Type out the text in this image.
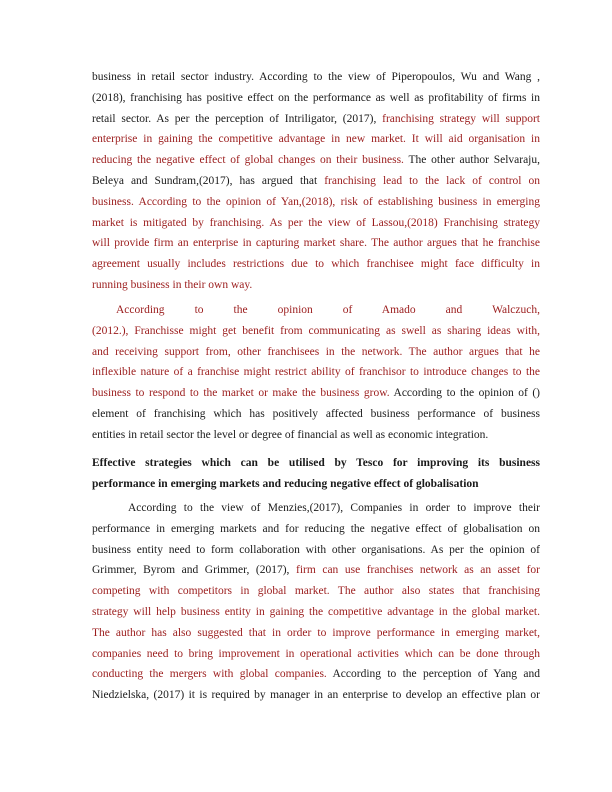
business in retail sector industry. According to the view of Piperopoulos, Wu and Wang ,
(2018), franchising has positive effect on the performance as well as profitability of firms in
retail sector. As per the perception of Intriligator, (2017), franchising strategy will support
enterprise in gaining the competitive advantage in new market. It will aid organisation in
reducing the negative effect of global changes on their business. The other author Selvaraju,
Beleya and Sundram,(2017), has argued that franchising lead to the lack of control on
business. According to the opinion of Yan,(2018), risk of establishing business in emerging
market is mitigated by franchising. As per the view of Lassou,(2018) Franchising strategy
will provide firm an enterprise in capturing market share. The author argues that he franchise
agreement usually includes restrictions due to which franchisee might face difficulty in
running business in their own way.
According to the opinion of Amado and Walczuch,
(2012.), Franchisse might get benefit from communicating as swell as sharing ideas with,
and receiving support from, other franchisees in the network. The author argues that he
inflexible nature of a franchise might restrict ability of franchisor to introduce changes to the
business to respond to the market or make the business grow. According to the opinion of ()
element of franchising which has positively affected business performance of business
entities in retail sector the level or degree of financial as well as economic integration.
Effective strategies which can be utilised by Tesco for improving its business
performance in emerging markets and reducing negative effect of globalisation
According to the view of Menzies,(2017), Companies in order to improve their
performance in emerging markets and for reducing the negative effect of globalisation on
business entity need to form collaboration with other organisations. As per the opinion of
Grimmer, Byrom and Grimmer, (2017), firm can use franchises network as an asset for
competing with competitors in global market. The author also states that franchising
strategy will help business entity in gaining the competitive advantage in the global market.
The author has also suggested that in order to improve performance in emerging market,
companies need to bring improvement in operational activities which can be done through
conducting the mergers with global companies. According to the perception of Yang and
Niedzielska, (2017) it is required by manager in an enterprise to develop an effective plan or
